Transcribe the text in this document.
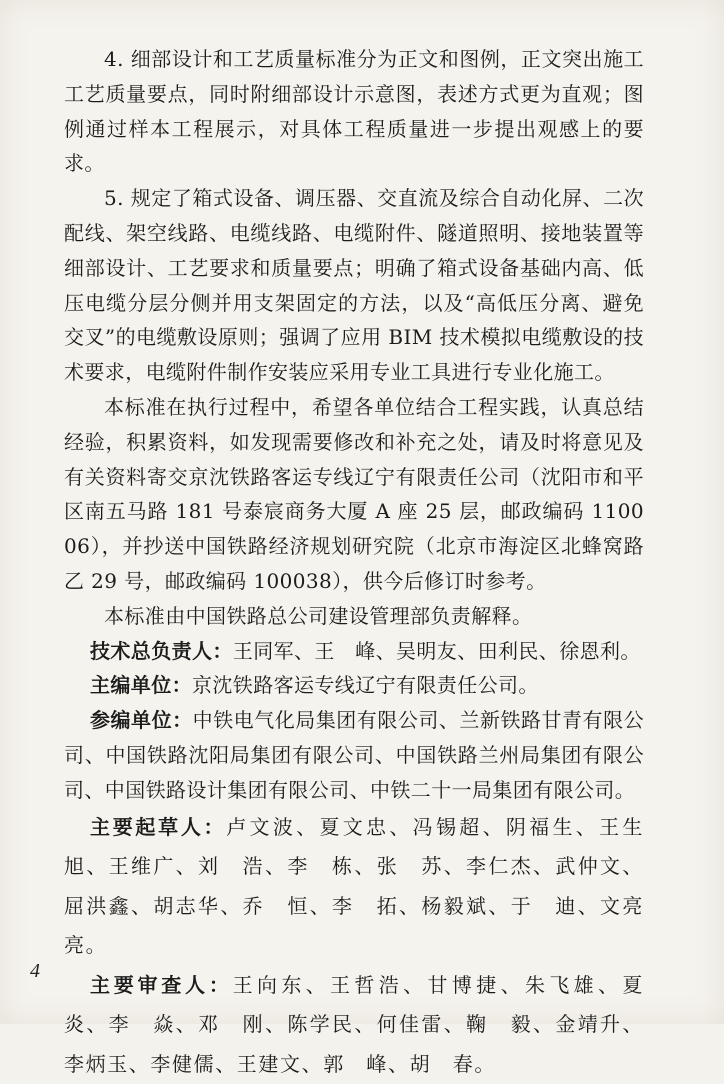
4. 细部设计和工艺质量标准分为正文和图例，正文突出施工工艺质量要点，同时附细部设计示意图，表述方式更为直观；图例通过样本工程展示，对具体工程质量进一步提出观感上的要求。

5. 规定了箱式设备、调压器、交直流及综合自动化屏、二次配线、架空线路、电缆线路、电缆附件、隧道照明、接地装置等细部设计、工艺要求和质量要点；明确了箱式设备基础内高、低压电缆分层分侧并用支架固定的方法，以及“高低压分离、避免交叉”的电缆敷设原则；强调了应用 BIM 技术模拟电缆敷设的技术要求，电缆附件制作安装应采用专业工具进行专业化施工。

本标准在执行过程中，希望各单位结合工程实践，认真总结经验，积累资料，如发现需要修改和补充之处，请及时将意见及有关资料寄交京沈铁路客运专线辽宁有限责任公司（沈阳市和平区南五马路 181 号泰宸商务大厦 A 座 25 层，邮政编码 110006），并抄送中国铁路经济规划研究院（北京市海淀区北蜂窝路乙 29 号，邮政编码 100038），供今后修订时参考。

本标准由中国铁路总公司建设管理部负责解释。

技术总负责人：王同军、王　峰、吴明友、田利民、徐恩利。

主编单位：京沈铁路客运专线辽宁有限责任公司。

参编单位：中铁电气化局集团有限公司、兰新铁路甘青有限公司、中国铁路沈阳局集团有限公司、中国铁路兰州局集团有限公司、中国铁路设计集团有限公司、中铁二十一局集团有限公司。

主要起草人：卢文波、夏文忠、冯锡超、阴福生、王生旭、王维广、刘　浩、李　栋、张　苏、李仁杰、武仲文、屈洪鑫、胡志华、乔　恒、李　拓、杨毅斌、于　迪、文亮亮。

主要审查人：王向东、王哲浩、甘博捷、朱飞雄、夏　炎、李　焱、邓　刚、陈学民、何佳雷、鞠　毅、金靖升、李炳玉、李健儒、王建文、郭　峰、胡　春。

4
